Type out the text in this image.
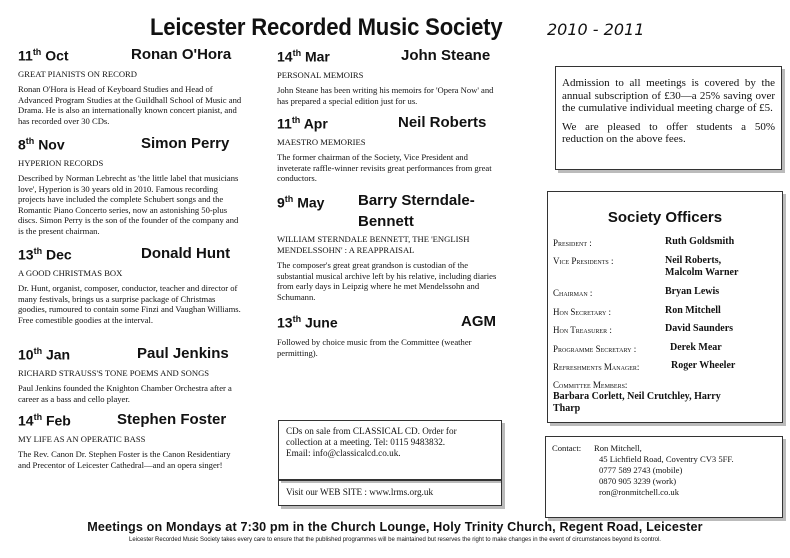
Leicester Recorded Music Society	2010 - 2011
11th Oct	Ronan O'Hora
GREAT PIANISTS ON RECORD
Ronan O'Hora is Head of Keyboard Studies and Head of Advanced Program Studies at the Guildhall School of Music and Drama. He is also an internationally known concert pianist, and has recorded over 30 CDs.
8th Nov	Simon Perry
HYPERION RECORDS
Described by Norman Lebrecht as 'the little label that musicians love', Hyperion is 30 years old in 2010. Famous recording projects have included the complete Schubert songs and the Romantic Piano Concerto series, now an astonishing 50-plus discs. Simon Perry is the son of the founder of the company and is the present chairman.
13th Dec	Donald Hunt
A GOOD CHRISTMAS BOX
Dr. Hunt, organist, composer, conductor, teacher and director of many festivals, brings us a surprise package of Christmas goodies, rumoured to contain some Finzi and Vaughan Williams. Free comestible goodies at the interval.
10th Jan	Paul Jenkins
RICHARD STRAUSS'S TONE POEMS AND SONGS
Paul Jenkins founded the Knighton Chamber Orchestra after a career as a bass and cello player.
14th Feb	Stephen Foster
MY LIFE AS AN OPERATIC BASS
The Rev. Canon Dr. Stephen Foster is the Canon Residentiary and Precentor of Leicester Cathedral—and an opera singer!
14th Mar	John Steane
PERSONAL MEMOIRS
John Steane has been writing his memoirs for 'Opera Now' and has prepared a special edition just for us.
11th Apr	Neil Roberts
MAESTRO MEMORIES
The former chairman of the Society, Vice President and inveterate raffle-winner revisits great performances from great conductors.
9th May Barry Sterndale-
Bennett
WILLIAM STERNDALE BENNETT, THE 'ENGLISH
MENDELSSOHN' : A REAPPRAISAL
The composer's great great grandson is custodian of the substantial musical archive left by his relative, including diaries from early days in Leipzig where he met Mendelssohn and Schumann.
13th June	AGM
Followed by choice music from the Committee (weather permitting).

Admission to all meetings is covered by the annual subscription of £30—a 25% saving over the cumulative individual meeting charge of £5.

We are pleased to offer students a 50% reduction on the above fees.

Society Officers
President :	Ruth Goldsmith
Vice Presidents :	Neil Roberts,
Malcolm Warner
Chairman :	Bryan Lewis
Hon Secretary :	Ron Mitchell
Hon Treasurer :	David Saunders
Programme Secretary :	Derek Mear
Refreshments Manager:	Roger Wheeler
Committee Members:
Barbara Corlett, Neil Crutchley, Harry
Tharp
CDs on sale from CLASSICAL CD. Order for
collection at a meeting. Tel: 0115 9483832.
Email: info@classicalcd.co.uk.
Visit our WEB SITE : www.lrms.org.uk
Contact: Ron Mitchell,
45 Lichfield Road, Coventry CV3 5FF.
0777 589 2743 (mobile)
0870 905 3239 (work)
ron@ronmitchell.co.uk
Meetings on Mondays at 7:30 pm in the Church Lounge, Holy Trinity Church, Regent Road, Leicester
Leicester Recorded Music Society takes every care to ensure that the published programmes will be maintained but reserves the right to make changes in the event of circumstances beyond its control.
